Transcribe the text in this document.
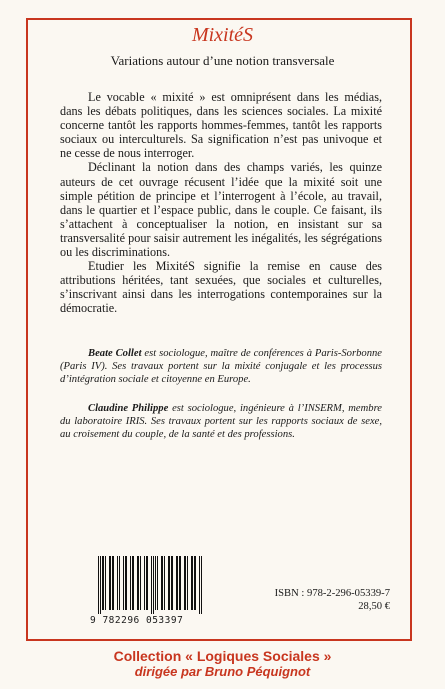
MixitéS
Variations autour d’une notion transversale

Le vocable « mixité » est omniprésent dans les médias, dans les débats politiques, dans les sciences sociales. La mixité concerne tantôt les rapports hommes-femmes, tantôt les rapports sociaux ou interculturels. Sa signification n’est pas univoque et ne cesse de nous interroger.

Déclinant la notion dans des champs variés, les quinze auteurs de cet ouvrage récusent l’idée que la mixité soit une simple pétition de principe et l’interrogent à l’école, au travail, dans le quartier et l’espace public, dans le couple. Ce faisant, ils s’attachent à conceptualiser la notion, en insistant sur sa transversalité pour saisir autrement les inégalités, les ségrégations ou les discriminations.

Etudier les MixitéS signifie la remise en cause des attributions héritées, tant sexuées, que sociales et culturelles, s’inscrivant ainsi dans les interrogations contemporaines sur la démocratie.

Beate Collet est sociologue, maître de conférences à Paris-Sorbonne (Paris IV). Ses travaux portent sur la mixité conjugale et les processus d’intégration sociale et citoyenne en Europe.

Claudine Philippe est sociologue, ingénieure à l’INSERM, membre du laboratoire IRIS. Ses travaux portent sur les rapports sociaux de sexe, au croisement du couple, de la santé et des professions.

9 782296 053397
ISBN : 978-2-296-05339-7
28,50 €
Collection « Logiques Sociales »
dirigée par Bruno Péquignot
